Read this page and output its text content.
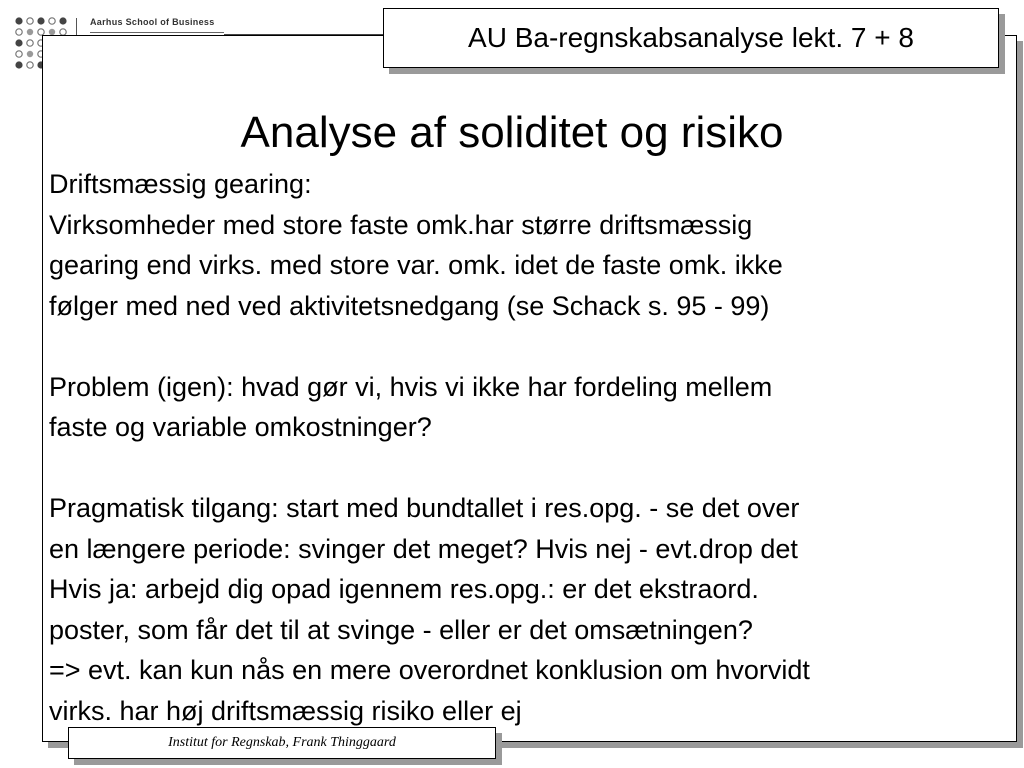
Aarhus School of Business	AU Ba-regnskabsanalyse lekt. 7 + 8
Analyse af soliditet og risiko

Driftsmæssig gearing:

Virksomheder med store faste omk.har større driftsmæssig

gearing end virks. med store var. omk. idet de faste omk. ikke

følger med ned ved aktivitetsnedgang (se Schack s. 95 - 99)

Problem (igen): hvad gør vi, hvis vi ikke har fordeling mellem

faste og variable omkostninger?

Pragmatisk tilgang: start med bundtallet i res.opg. - se det over

en længere periode: svinger det meget? Hvis nej - evt.drop det

Hvis ja: arbejd dig opad igennem res.opg.: er det ekstraord.

poster, som får det til at svinge - eller er det omsætningen?

=> evt. kan kun nås en mere overordnet konklusion om hvorvidt

virks. har høj driftsmæssig risiko eller ej

Institut for Regnskab, Frank Thinggaard
